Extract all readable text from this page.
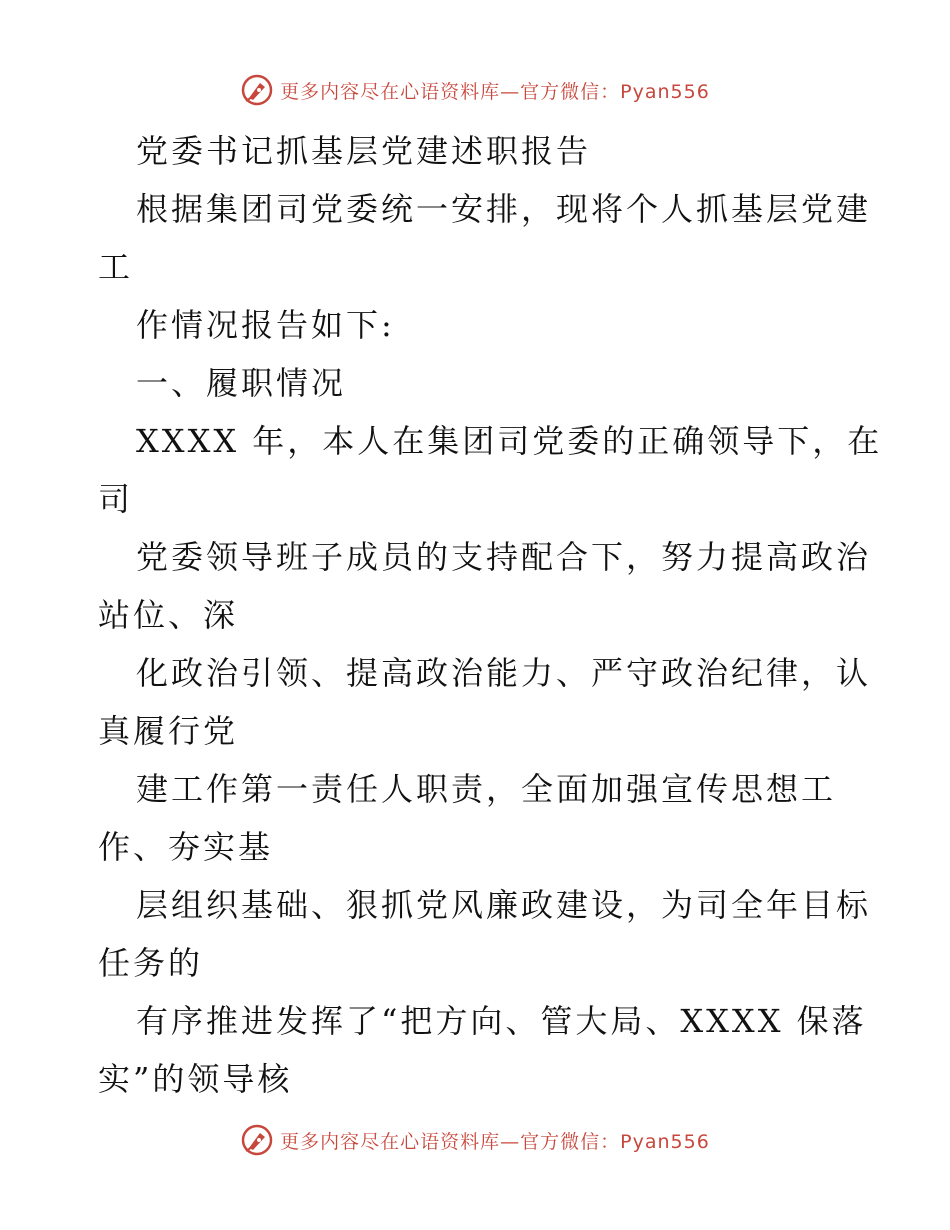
更多内容尽在心语资料库—官方微信：Pyan556
党委书记抓基层党建述职报告
根据集团司党委统一安排，现将个人抓基层党建
工
作情况报告如下:
一、履职情况
XXXX 年，本人在集团司党委的正确领导下，在
司
党委领导班子成员的支持配合下，努力提高政治
站位、深
化政治引领、提高政治能力、严守政治纪律，认
真履行党
建工作第一责任人职责，全面加强宣传思想工
作、夯实基
层组织基础、狠抓党风廉政建设，为司全年目标
任务的
有序推进发挥了“把方向、管大局、XXXX 保落
实”的领导核
更多内容尽在心语资料库—官方微信：Pyan556
